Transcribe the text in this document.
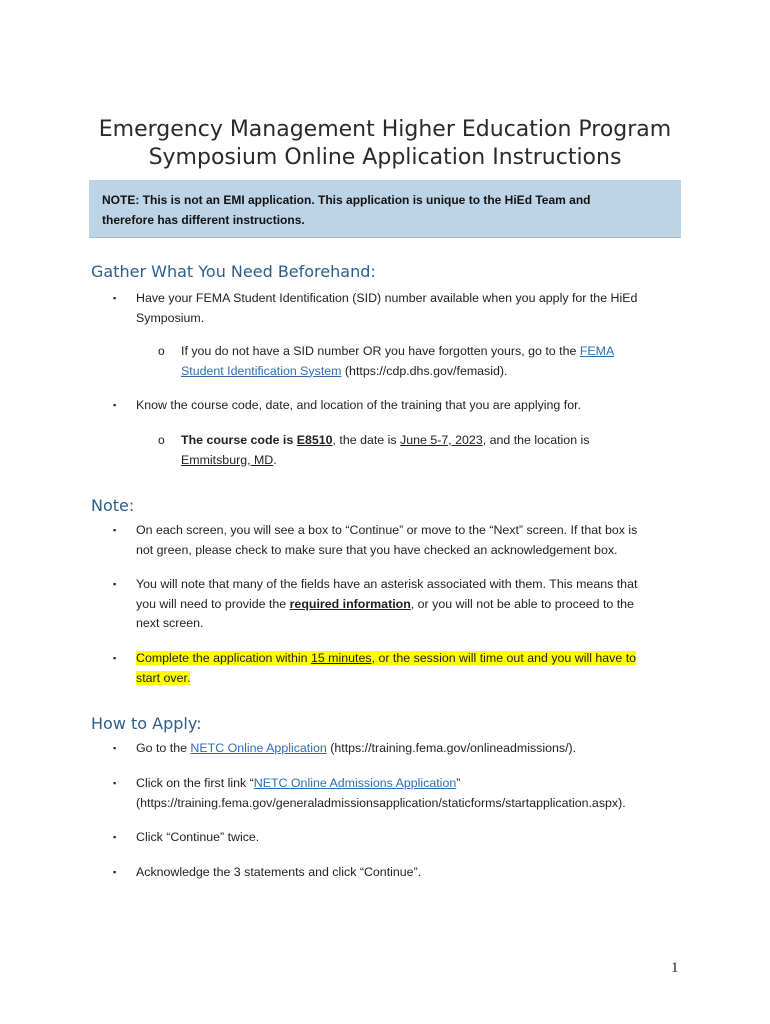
Emergency Management Higher Education Program
Symposium Online Application Instructions
NOTE: This is not an EMI application. This application is unique to the HiEd Team and
therefore has different instructions.
Gather What You Need Beforehand:
▪ Have your FEMA Student Identification (SID) number available when you apply for the HiEd
Symposium.
o If you do not have a SID number OR you have forgotten yours, go to the FEMA
Student Identification System (https://cdp.dhs.gov/femasid).
▪ Know the course code, date, and location of the training that you are applying for.
o The course code is E8510, the date is June 5-7, 2023, and the location is
Emmitsburg, MD.
Note:
▪ On each screen, you will see a box to “Continue” or move to the “Next” screen. If that box is
not green, please check to make sure that you have checked an acknowledgement box.
▪ You will note that many of the fields have an asterisk associated with them. This means that
you will need to provide the required information, or you will not be able to proceed to the
next screen.
▪ Complete the application within 15 minutes, or the session will time out and you will have to
start over.
How to Apply:
▪ Go to the NETC Online Application (https://training.fema.gov/onlineadmissions/).
▪ Click on the first link “NETC Online Admissions Application”
(https://training.fema.gov/generaladmissionsapplication/staticforms/startapplication.aspx).
▪ Click “Continue” twice.
▪ Acknowledge the 3 statements and click “Continue”.
1
